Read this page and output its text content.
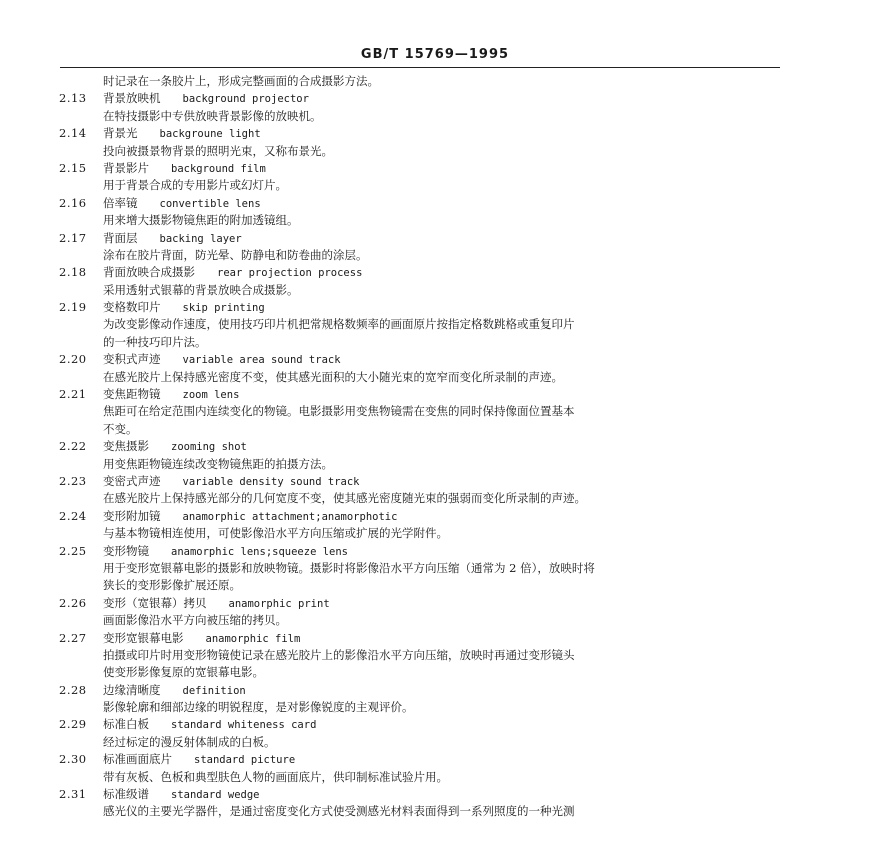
GB/T 15769—1995
时记录在一条胶片上，形成完整画面的合成摄影方法。
2.13 背景放映机 background projector
在特技摄影中专供放映背景影像的放映机。
2.14 背景光 backgroune light
投向被摄景物背景的照明光束，又称布景光。
2.15 背景影片 background film
用于背景合成的专用影片或幻灯片。
2.16 倍率镜 convertible lens
用来增大摄影物镜焦距的附加透镜组。
2.17 背面层 backing layer
涂布在胶片背面，防光晕、防静电和防卷曲的涂层。
2.18 背面放映合成摄影 rear projection process
采用透射式银幕的背景放映合成摄影。
2.19 变格数印片 skip printing
为改变影像动作速度，使用技巧印片机把常规格数频率的画面原片按指定格数跳格或重复印片
的一种技巧印片法。
2.20 变积式声迹 variable area sound track
在感光胶片上保持感光密度不变，使其感光面积的大小随光束的宽窄而变化所录制的声迹。
2.21 变焦距物镜 zoom lens
焦距可在给定范围内连续变化的物镜。电影摄影用变焦物镜需在变焦的同时保持像面位置基本
不变。
2.22 变焦摄影 zooming shot
用变焦距物镜连续改变物镜焦距的拍摄方法。
2.23 变密式声迹 variable density sound track
在感光胶片上保持感光部分的几何宽度不变，使其感光密度随光束的强弱而变化所录制的声迹。
2.24 变形附加镜 anamorphic attachment;anamorphotic
与基本物镜相连使用，可使影像沿水平方向压缩或扩展的光学附件。
2.25 变形物镜 anamorphic lens;squeeze lens
用于变形宽银幕电影的摄影和放映物镜。摄影时将影像沿水平方向压缩（通常为 2 倍），放映时将
狭长的变形影像扩展还原。
2.26 变形（宽银幕）拷贝 anamorphic print
画面影像沿水平方向被压缩的拷贝。
2.27 变形宽银幕电影 anamorphic film
拍摄或印片时用变形物镜使记录在感光胶片上的影像沿水平方向压缩，放映时再通过变形镜头
使变形影像复原的宽银幕电影。
2.28 边缘清晰度 definition
影像轮廓和细部边缘的明锐程度，是对影像锐度的主观评价。
2.29 标准白板 standard whiteness card
经过标定的漫反射体制成的白板。
2.30 标准画面底片 standard picture
带有灰板、色板和典型肤色人物的画面底片，供印制标准试验片用。
2.31 标准级谱 standard wedge
感光仪的主要光学器件，是通过密度变化方式使受测感光材料表面得到一系列照度的一种光测
